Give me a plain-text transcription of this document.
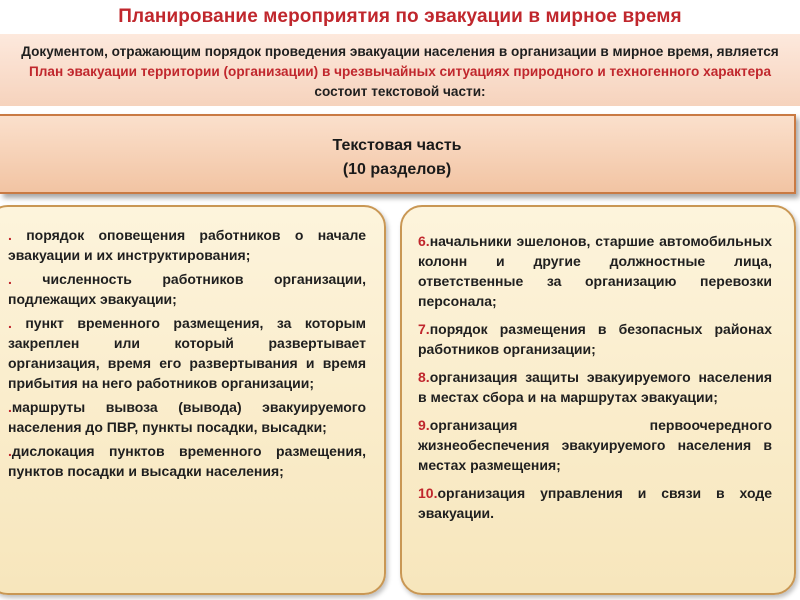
Планирование мероприятия по эвакуации в мирное время
Документом, отражающим порядок проведения эвакуации населения в организации в мирное время, является План эвакуации территории (организации) в чрезвычайных ситуациях природного и техногенного характера состоит текстовой части:
Текстовая часть
(10 разделов)
. порядок оповещения работников о начале эвакуации и их инструктирования;
. численность работников организации, подлежащих эвакуации;
. пункт временного размещения, за которым закреплен или который развертывает организация, время его развертывания и время прибытия на него работников организации;
.маршруты вывоза (вывода) эвакуируемого населения до ПВР, пункты посадки, высадки;
.дислокация пунктов временного размещения, пунктов посадки и высадки населения;
6.начальники эшелонов, старшие автомобильных колонн и другие должностные лица, ответственные за организацию перевозки персонала;
7.порядок размещения в безопасных районах работников организации;
8.организация защиты эвакуируемого населения в местах сбора и на маршрутах эвакуации;
9.организация первоочередного жизнеобеспечения эвакуируемого населения в местах размещения;
10.организация управления и связи в ходе эвакуации.
